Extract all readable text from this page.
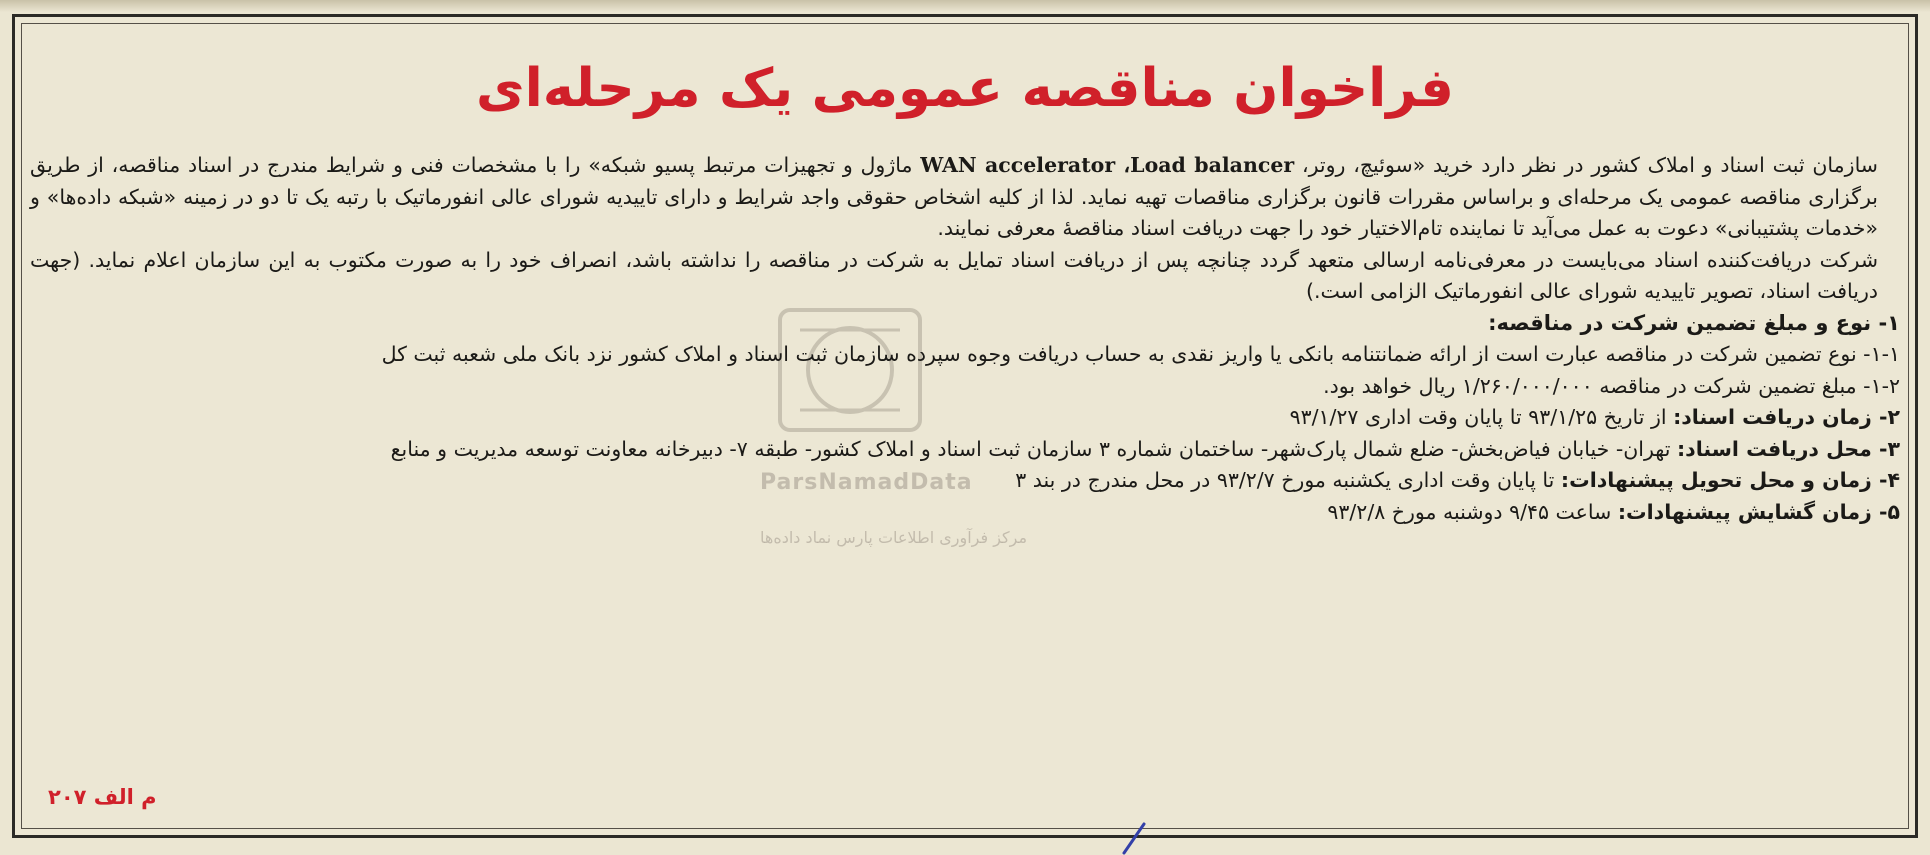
ParsNamadData
مرکز فرآوری اطلاعات پارس نماد داده‌ها
فراخوان مناقصه عمومی یک مرحله‌ای

سازمان ثبت اسناد و املاک کشور در نظر دارد خرید «سوئیچ، روتر، WAN accelerator ،Load balancer ماژول و تجهیزات مرتبط پسیو شبکه» را با مشخصات فنی و شرایط مندرج در اسناد مناقصه، از طریق برگزاری مناقصه عمومی یک مرحله‌ای و براساس مقررات قانون برگزاری مناقصات تهیه نماید. لذا از کلیه اشخاص حقوقی واجد شرایط و دارای تاییدیه شورای عالی انفورماتیک با رتبه یک تا دو در زمینه «شبکه داده‌ها» و «خدمات پشتیبانی» دعوت به عمل می‌آید تا نماینده تام‌الاختیار خود را جهت دریافت اسناد مناقصهٔ معرفی نمایند.

شرکت دریافت‌کننده اسناد می‌بایست در معرفی‌نامه ارسالی متعهد گردد چنانچه پس از دریافت اسناد تمایل به شرکت در مناقصه را نداشته باشد، انصراف خود را به صورت مکتوب به این سازمان اعلام نماید. (جهت دریافت اسناد، تصویر تاییدیه شورای عالی انفورماتیک الزامی است.)

۱- نوع و مبلغ تضمین شرکت در مناقصه:

۱-۱- نوع تضمین شرکت در مناقصه عبارت است از ارائه ضمانتنامه بانکی یا واریز نقدی به حساب دریافت وجوه سپرده سازمان ثبت اسناد و املاک کشور نزد بانک ملی شعبه ثبت کل

۱-۲- مبلغ تضمین شرکت در مناقصه ۱/۲۶۰/۰۰۰/۰۰۰ ریال خواهد بود.

۲- زمان دریافت اسناد: از تاریخ ۹۳/۱/۲۵ تا پایان وقت اداری ۹۳/۱/۲۷

۳- محل دریافت اسناد: تهران- خیابان فیاض‌بخش- ضلع شمال پارک‌شهر- ساختمان شماره ۳ سازمان ثبت اسناد و املاک کشور- طبقه ۷- دبیرخانه معاونت توسعه مدیریت و منابع

۴- زمان و محل تحویل پیشنهادات: تا پایان وقت اداری یکشنبه مورخ ۹۳/۲/۷ در محل مندرج در بند ۳

۵- زمان گشایش پیشنهادات: ساعت ۹/۴۵ دوشنبه مورخ ۹۳/۲/۸

م الف ۲۰۷
